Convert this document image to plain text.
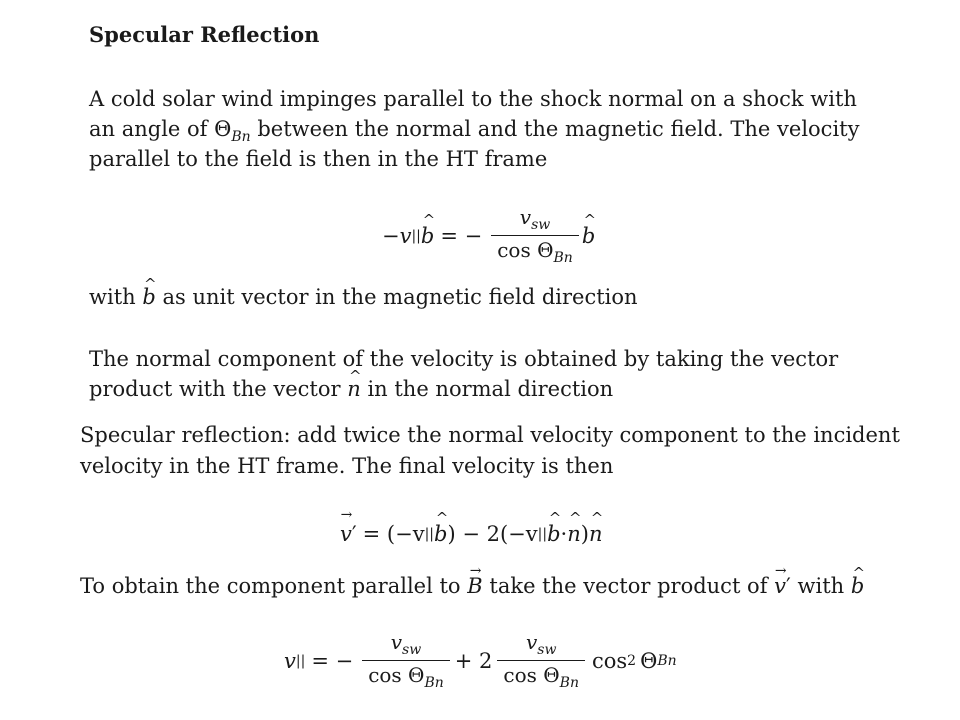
Specular Reflection
A cold solar wind impinges parallel to the shock normal on a shock with
an angle of $\Theta_{Bn}$ between the normal and the magnetic field. The velocity
parallel to the field is then in the HT frame
−v || ^ b = − $\frac{v_{sw}}{\cos \Theta_{Bn}}$ ^ b
with ^ b as unit vector in the magnetic field direction
The normal component of the velocity is obtained by taking the vector
product with the vector ^ n in the normal direction
Specular reflection: add twice the normal velocity component to the incident
velocity in the HT frame. The final velocity is then
→ v ′ = (−v || ^ b ) − 2(−v || ^ b · ^ n ) ^ n
To obtain the component parallel to → B take the vector product of → v′ with ^ b
v || = − $\frac{v_{sw}}{\cos \Theta_{Bn}} + 2 \frac{v_{sw}}{\cos \Theta_{Bn}}$ cos 2 Θ Bn
